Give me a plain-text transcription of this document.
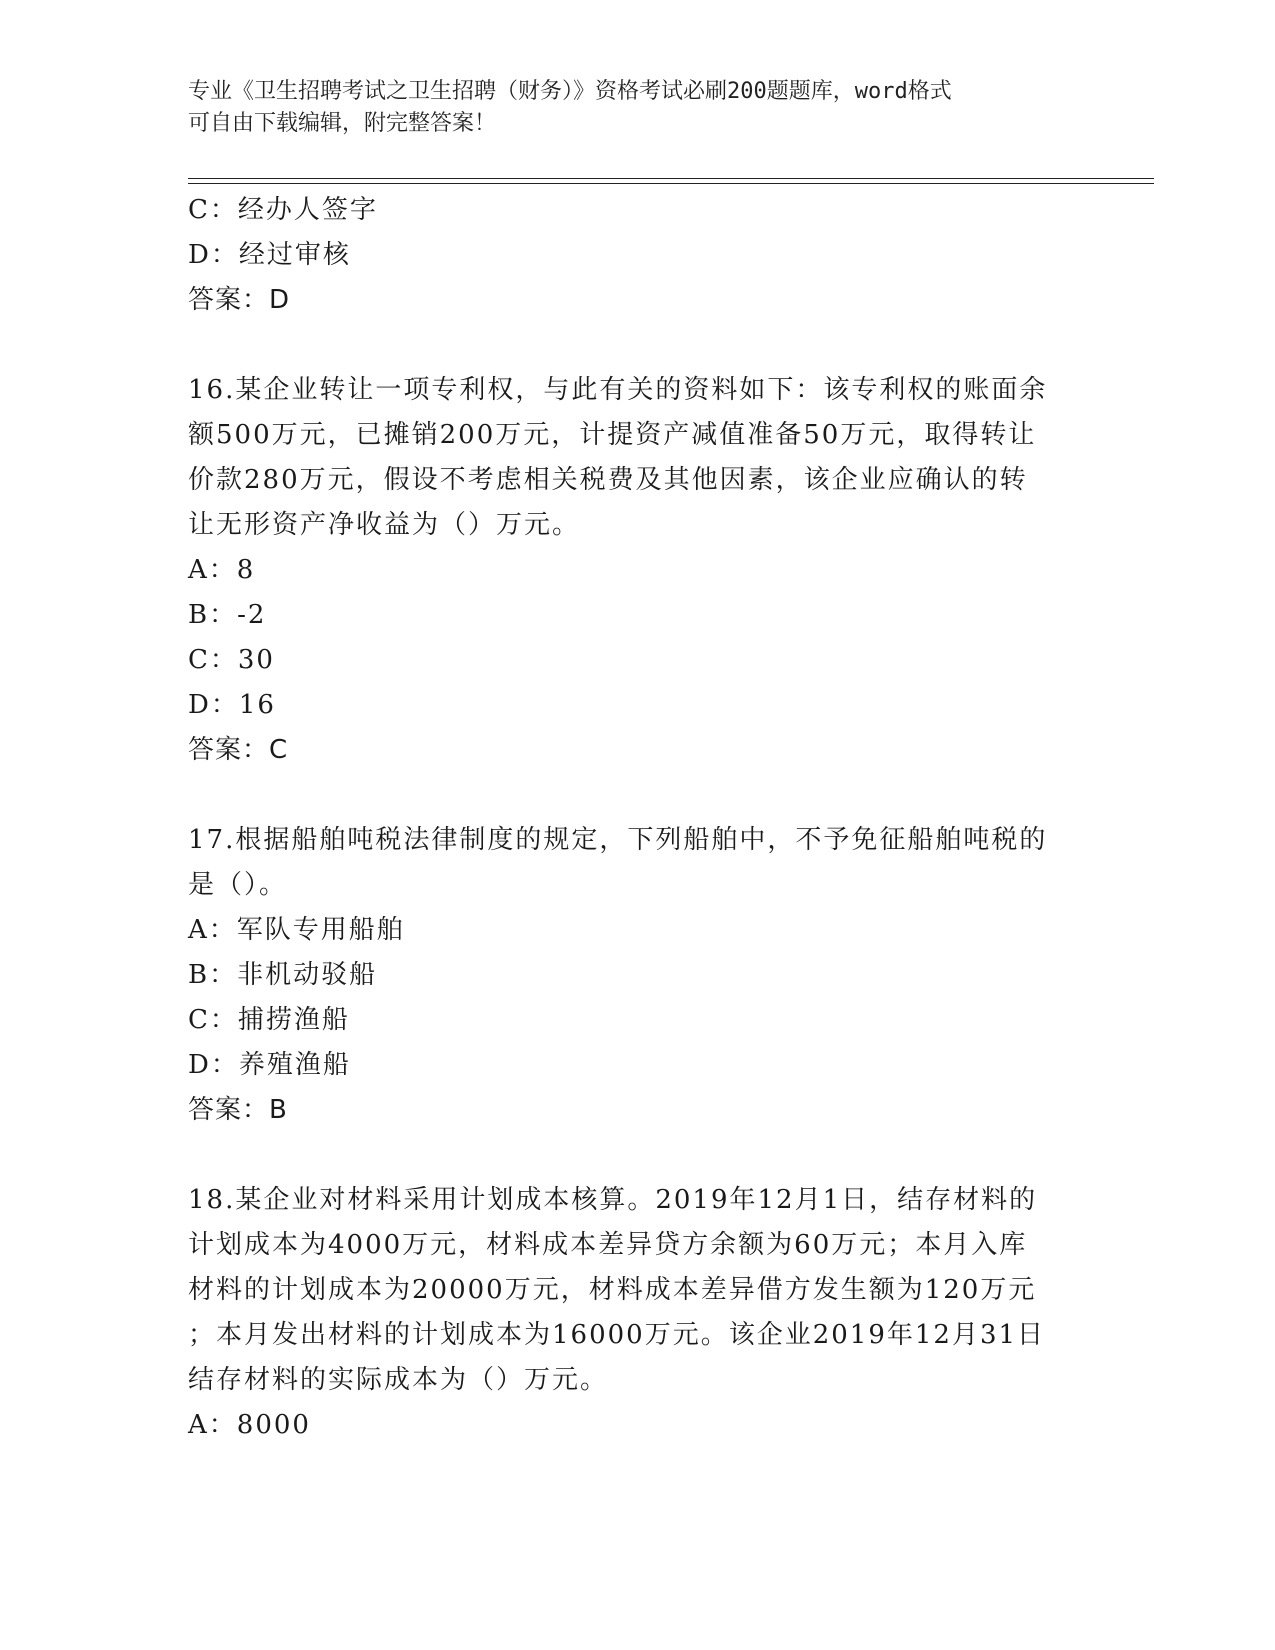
专业《卫生招聘考试之卫生招聘（财务）》资格考试必刷200题题库，word格式
可自由下载编辑，附完整答案！
C：经办人签字
D：经过审核
答案：D
16.某企业转让一项专利权，与此有关的资料如下：该专利权的账面余
额500万元，已摊销200万元，计提资产减值准备50万元，取得转让
价款280万元，假设不考虑相关税费及其他因素，该企业应确认的转
让无形资产净收益为（）万元。
A：8
B：-2
C：30
D：16
答案：C
17.根据船舶吨税法律制度的规定，下列船舶中，不予免征船舶吨税的
是（）。
A：军队专用船舶
B：非机动驳船
C：捕捞渔船
D：养殖渔船
答案：B
18.某企业对材料采用计划成本核算。2019年12月1日，结存材料的
计划成本为4000万元，材料成本差异贷方余额为60万元；本月入库
材料的计划成本为20000万元，材料成本差异借方发生额为120万元
；本月发出材料的计划成本为16000万元。该企业2019年12月31日
结存材料的实际成本为（）万元。
A：8000
